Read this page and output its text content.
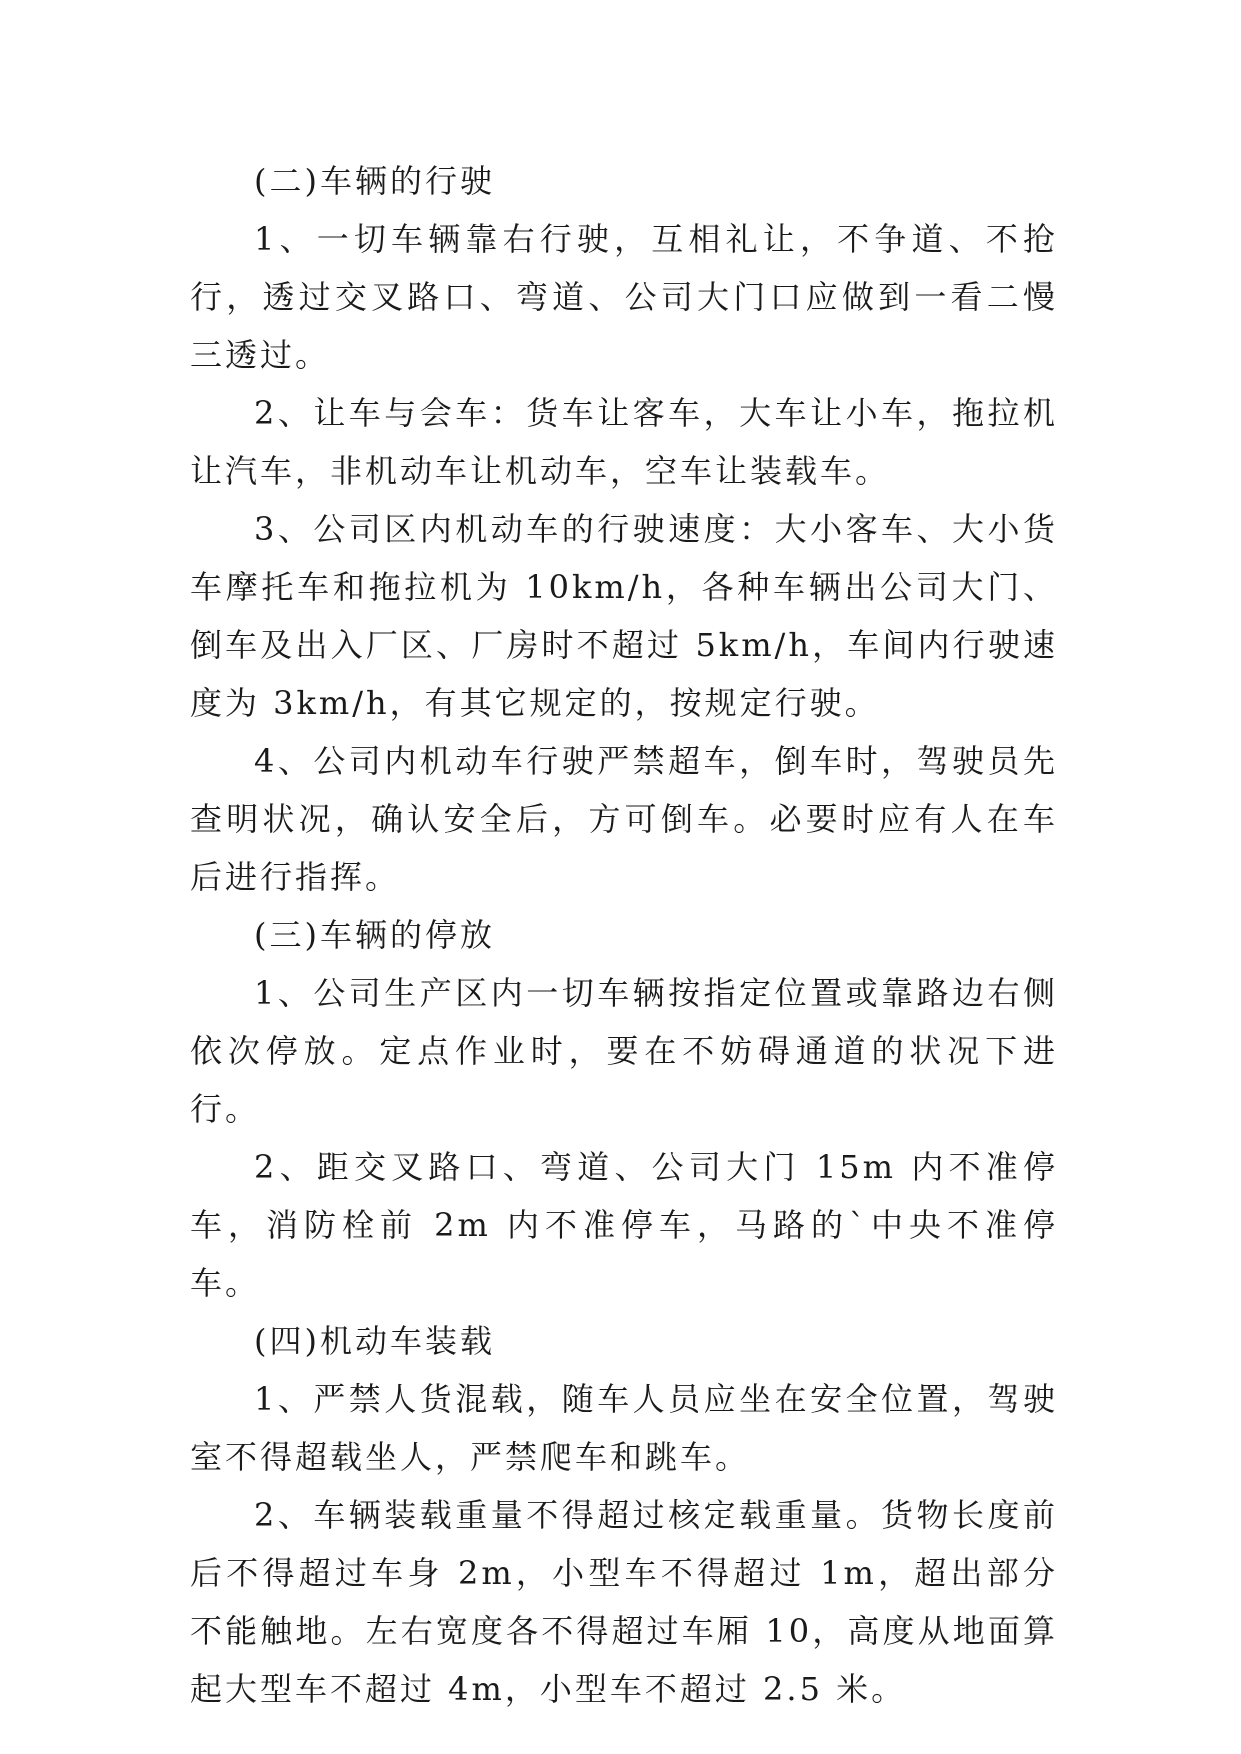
(二)车辆的行驶

1、一切车辆靠右行驶，互相礼让，不争道、不抢行，透过交叉路口、弯道、公司大门口应做到一看二慢三透过。

2、让车与会车：货车让客车，大车让小车，拖拉机让汽车，非机动车让机动车，空车让装载车。

3、公司区内机动车的行驶速度：大小客车、大小货车摩托车和拖拉机为 10km/h，各种车辆出公司大门、倒车及出入厂区、厂房时不超过 5km/h，车间内行驶速度为 3km/h，有其它规定的，按规定行驶。

4、公司内机动车行驶严禁超车，倒车时，驾驶员先查明状况，确认安全后，方可倒车。必要时应有人在车后进行指挥。

(三)车辆的停放

1、公司生产区内一切车辆按指定位置或靠路边右侧依次停放。定点作业时，要在不妨碍通道的状况下进行。

2、距交叉路口、弯道、公司大门 15m 内不准停车，消防栓前 2m 内不准停车，马路的`中央不准停车。

(四)机动车装载

1、严禁人货混载，随车人员应坐在安全位置，驾驶室不得超载坐人，严禁爬车和跳车。

2、车辆装载重量不得超过核定载重量。货物长度前后不得超过车身 2m，小型车不得超过 1m，超出部分不能触地。左右宽度各不得超过车厢 10，高度从地面算起大型车不超过 4m，小型车不超过 2.5 米。
